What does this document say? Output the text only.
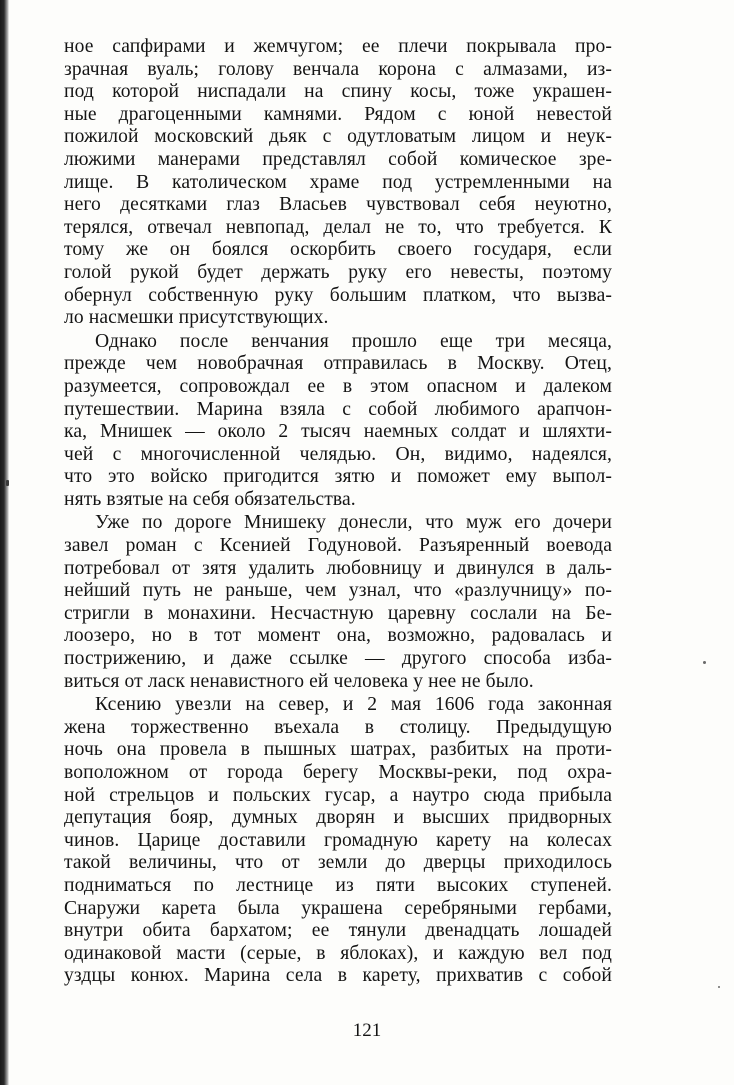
ное сапфирами и жемчугом; ее плечи покрывала про-
зрачная вуаль; голову венчала корона с алмазами, из-
под которой ниспадали на спину косы, тоже украшен-
ные драгоценными камнями. Рядом с юной невестой
пожилой московский дьяк с одутловатым лицом и неук-
люжими манерами представлял собой комическое зре-
лище. В католическом храме под устремленными на
него десятками глаз Власьев чувствовал себя неуютно,
терялся, отвечал невпопад, делал не то, что требуется. К
тому же он боялся оскорбить своего государя, если
голой рукой будет держать руку его невесты, поэтому
обернул собственную руку большим платком, что вызва-
ло насмешки присутствующих.
Однако после венчания прошло еще три месяца,
прежде чем новобрачная отправилась в Москву. Отец,
разумеется, сопровождал ее в этом опасном и далеком
путешествии. Марина взяла с собой любимого арапчон-
ка, Мнишек — около 2 тысяч наемных солдат и шляхти-
чей с многочисленной челядью. Он, видимо, надеялся,
что это войско пригодится зятю и поможет ему выпол-
нять взятые на себя обязательства.
Уже по дороге Мнишеку донесли, что муж его дочери
завел роман с Ксенией Годуновой. Разъяренный воевода
потребовал от зятя удалить любовницу и двинулся в даль-
нейший путь не раньше, чем узнал, что «разлучницу» по-
стригли в монахини. Несчастную царевну сослали на Бе-
лоозеро, но в тот момент она, возможно, радовалась и
пострижению, и даже ссылке — другого способа изба-
виться от ласк ненавистного ей человека у нее не было.
Ксению увезли на север, и 2 мая 1606 года законная
жена торжественно въехала в столицу. Предыдущую
ночь она провела в пышных шатрах, разбитых на проти-
воположном от города берегу Москвы-реки, под охра-
ной стрельцов и польских гусар, а наутро сюда прибыла
депутация бояр, думных дворян и высших придворных
чинов. Царице доставили громадную карету на колесах
такой величины, что от земли до дверцы приходилось
подниматься по лестнице из пяти высоких ступеней.
Снаружи карета была украшена серебряными гербами,
внутри обита бархатом; ее тянули двенадцать лошадей
одинаковой масти (серые, в яблоках), и каждую вел под
уздцы конюх. Марина села в карету, прихватив с собой
121
